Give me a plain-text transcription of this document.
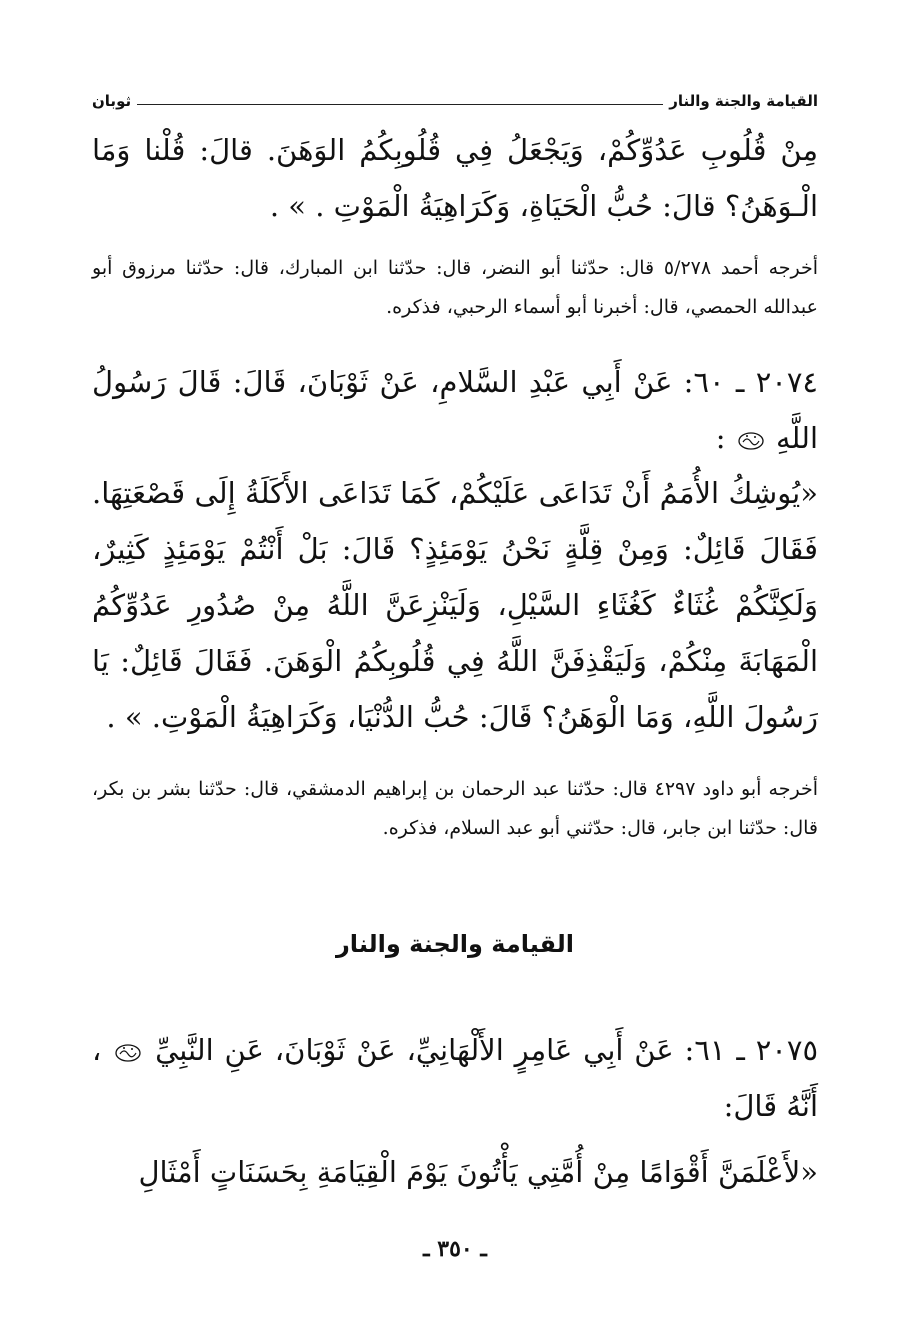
القيامة والجنة والنار
ثوبان
مِنْ قُلُوبِ عَدُوِّكُمْ، وَيَجْعَلُ فِي قُلُوبِكُمُ الوَهَنَ. قالَ: قُلْنا وَمَا الْـوَهَنُ؟ قالَ: حُبُّ الْحَيَاةِ، وَكَرَاهِيَةُ الْمَوْتِ . » .
أخرجه أحمد ٥/٢٧٨ قال: حدّثنا أبو النضر، قال: حدّثنا ابن المبارك، قال: حدّثنا مرزوق أبو عبدالله الحمصي، قال: أخبرنا أبو أسماء الرحبي، فذكره.
٢٠٧٤ ـ ٦٠: عَنْ أَبِي عَبْدِ السَّلامِ، عَنْ ثَوْبَانَ، قَالَ: قَالَ رَسُولُ اللَّهِ  :
«يُوشِكُ الأُمَمُ أَنْ تَدَاعَى عَلَيْكُمْ، كَمَا تَدَاعَى الأَكَلَةُ إِلَى قَصْعَتِهَا. فَقَالَ قَائِلٌ: وَمِنْ قِلَّةٍ نَحْنُ يَوْمَئِذٍ؟ قَالَ: بَلْ أَنْتُمْ يَوْمَئِذٍ كَثِيرٌ، وَلَكِنَّكُمْ غُثَاءٌ كَغُثَاءِ السَّيْلِ، وَلَيَنْزِعَنَّ اللَّهُ مِنْ صُدُورِ عَدُوِّكُمُ الْمَهَابَةَ مِنْكُمْ، وَلَيَقْذِفَنَّ اللَّهُ فِي قُلُوبِكُمُ الْوَهَنَ. فَقَالَ قَائِلٌ: يَا رَسُولَ اللَّهِ، وَمَا الْوَهَنُ؟ قَالَ: حُبُّ الدُّنْيَا، وَكَرَاهِيَةُ الْمَوْتِ. » .
أخرجه أبو داود ٤٢٩٧ قال: حدّثنا عبد الرحمان بن إبراهيم الدمشقي، قال: حدّثنا بشر بن بكر، قال: حدّثنا ابن جابر، قال: حدّثني أبو عبد السلام، فذكره.
القيامة والجنة والنار
٢٠٧٥ ـ ٦١: عَنْ أَبِي عَامِرٍ الأَلْهَانِيِّ، عَنْ ثَوْبَانَ، عَنِ النَّبِيِّ  ، أَنَّهُ قَالَ:
«لأَعْلَمَنَّ أَقْوَامًا مِنْ أُمَّتِي يَأْتُونَ يَوْمَ الْقِيَامَةِ بِحَسَنَاتٍ أَمْثَالِ
ـ ٣٥٠ ـ
